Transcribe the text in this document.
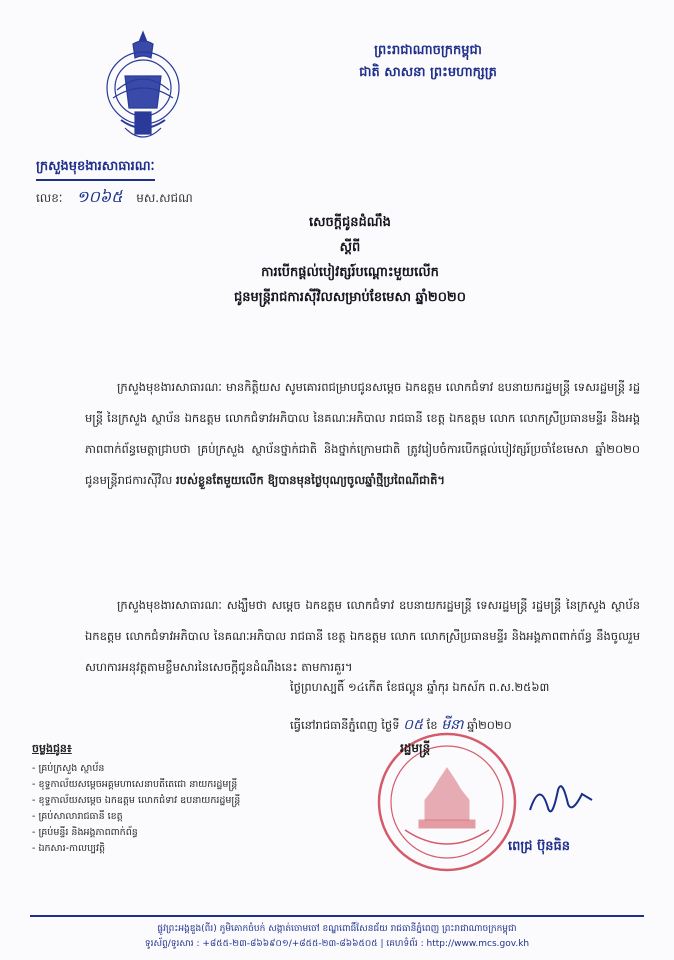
ព្រះរាជាណាចក្រកម្ពុជា
ជាតិ សាសនា ព្រះមហាក្សត្រ
ក្រសួងមុខងារសាធារណៈ
លេខៈ ១០៦៥ មស.សជណ
សេចក្តីជូនដំណឹង
ស្តីពី
ការបើកផ្តល់បៀវត្សរ៍បណ្តោះមួយលើក
ជូនមន្ត្រីរាជការស៊ីវិលសម្រាប់ខែមេសា ឆ្នាំ២០២០
ក្រសួងមុខងារសាធារណៈ មានកិត្តិយស សូមគោរពជម្រាបជូនសម្តេច ឯកឧត្តម លោកជំទាវ ឧបនាយករដ្ឋមន្ត្រី ទេសរដ្ឋមន្ត្រី រដ្ឋមន្ត្រី នៃក្រសួង ស្ថាប័ន ឯកឧត្តម លោកជំទាវអភិបាល នៃគណៈអភិបាល រាជធានី ខេត្ត ឯកឧត្តម លោក លោកស្រីប្រធានមន្ទីរ និងអង្គភាពពាក់ព័ន្ធមេត្តាជ្រាបថា គ្រប់ក្រសួង ស្ថាប័នថ្នាក់ជាតិ និងថ្នាក់ក្រោមជាតិ ត្រូវរៀបចំការបើកផ្តល់បៀវត្សរ៍ប្រចាំខែមេសា ឆ្នាំ២០២០ ជូនមន្ត្រីរាជការស៊ីវិល របស់ខ្លួនតែមួយលើក ឱ្យបានមុនថ្ងៃបុណ្យចូលឆ្នាំថ្មីប្រពៃណីជាតិ។
ក្រសួងមុខងារសាធារណៈ សង្ឃឹមថា សម្តេច ឯកឧត្តម លោកជំទាវ ឧបនាយករដ្ឋមន្ត្រី ទេសរដ្ឋមន្ត្រី រដ្ឋមន្ត្រី នៃក្រសួង ស្ថាប័ន ឯកឧត្តម លោកជំទាវអភិបាល នៃគណៈអភិបាល រាជធានី ខេត្ត ឯកឧត្តម លោក លោកស្រីប្រធានមន្ទីរ និងអង្គភាពពាក់ព័ន្ធ នឹងចូលរួមសហការអនុវត្តតាមខ្លឹមសារនៃសេចក្តីជូនដំណឹងនេះ តាមការគួរ។
ថ្ងៃព្រហស្បតិ៍ ១៤កើត ខែផល្គុន ឆ្នាំកុរ ឯកស័ក ព.ស.២៥៦៣
ធ្វើនៅរាជធានីភ្នំពេញ ថ្ងៃទី ០៥ ខែ មីនា ឆ្នាំ២០២០
រដ្ឋមន្ត្រី
ពេជ្រ ប៊ុនធិន
ចម្លងជូន៖
- គ្រប់ក្រសួង ស្ថាប័ន
- ខុទ្ទកាល័យសម្តេចអគ្គមហាសេនាបតីតេជោ នាយករដ្ឋមន្ត្រី
- ខុទ្ទកាល័យសម្តេច ឯកឧត្តម លោកជំទាវ ឧបនាយករដ្ឋមន្ត្រី
- គ្រប់សាលារាជធានី ខេត្ត
- គ្រប់មន្ទីរ និងអង្គភាពពាក់ព័ន្ធ
- ឯកសារ-កាលប្បវត្តិ
ផ្លូវព្រះអង្គឌួង(ពីរ) ភូមិគោកចំបក់ សង្កាត់ចោមចៅ ខណ្ឌពោធិ៍សែនជ័យ រាជធានីភ្នំពេញ ព្រះរាជាណាចក្រកម្ពុជា
ទូរស័ព្ទ/ទូរសារ : +៨៥៥-២៣-៨៦៦៩០១/+៨៥៥-២៣-៨៦៦៥០៥ | គេហទំព័រ : http://www.mcs.gov.kh
